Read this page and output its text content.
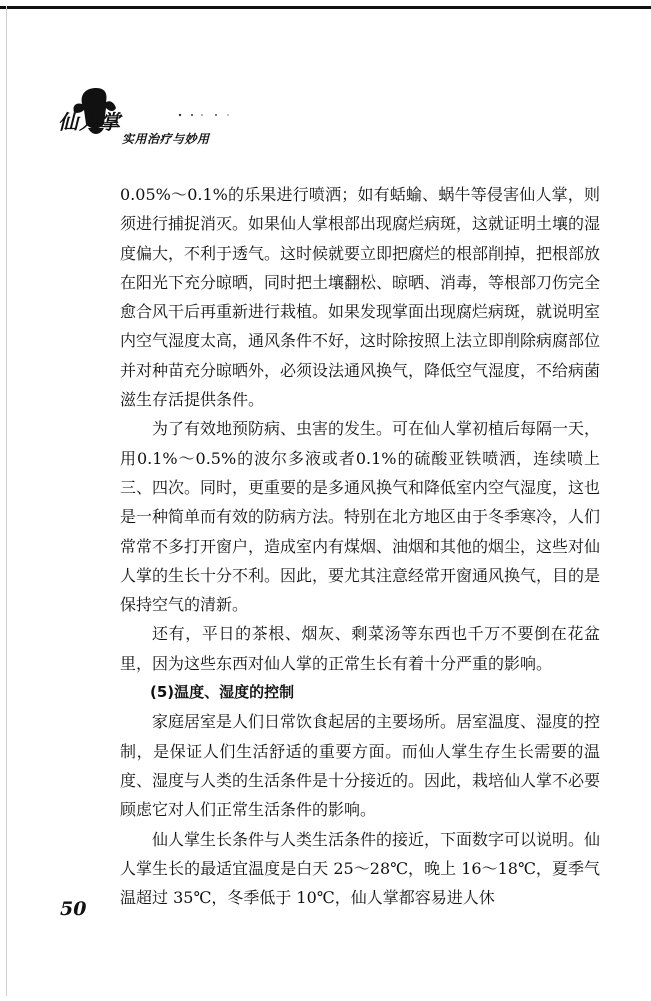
仙人掌
实用治疗与妙用

0.05%～0.1%的乐果进行喷洒；如有蛞蝓、蜗牛等侵害仙人掌，则须进行捕捉消灭。如果仙人掌根部出现腐烂病斑，这就证明土壤的湿度偏大，不利于透气。这时候就要立即把腐烂的根部削掉，把根部放在阳光下充分晾晒，同时把土壤翻松、晾晒、消毒，等根部刀伤完全愈合风干后再重新进行栽植。如果发现掌面出现腐烂病斑，就说明室内空气湿度太高，通风条件不好，这时除按照上法立即削除病腐部位并对种苗充分晾晒外，必须设法通风换气，降低空气湿度，不给病菌滋生存活提供条件。

为了有效地预防病、虫害的发生。可在仙人掌初植后每隔一天，用0.1%～0.5%的波尔多液或者0.1%的硫酸亚铁喷洒，连续喷上三、四次。同时，更重要的是多通风换气和降低室内空气湿度，这也是一种简单而有效的防病方法。特别在北方地区由于冬季寒冷，人们常常不多打开窗户，造成室内有煤烟、油烟和其他的烟尘，这些对仙人掌的生长十分不利。因此，要尤其注意经常开窗通风换气，目的是保持空气的清新。

还有，平日的茶根、烟灰、剩菜汤等东西也千万不要倒在花盆里，因为这些东西对仙人掌的正常生长有着十分严重的影响。

(5)温度、湿度的控制

家庭居室是人们日常饮食起居的主要场所。居室温度、湿度的控制，是保证人们生活舒适的重要方面。而仙人掌生存生长需要的温度、湿度与人类的生活条件是十分接近的。因此，栽培仙人掌不必要顾虑它对人们正常生活条件的影响。

仙人掌生长条件与人类生活条件的接近，下面数字可以说明。仙人掌生长的最适宜温度是白天 25～28℃，晚上 16～18℃，夏季气温超过 35℃，冬季低于 10℃，仙人掌都容易进人休

50
